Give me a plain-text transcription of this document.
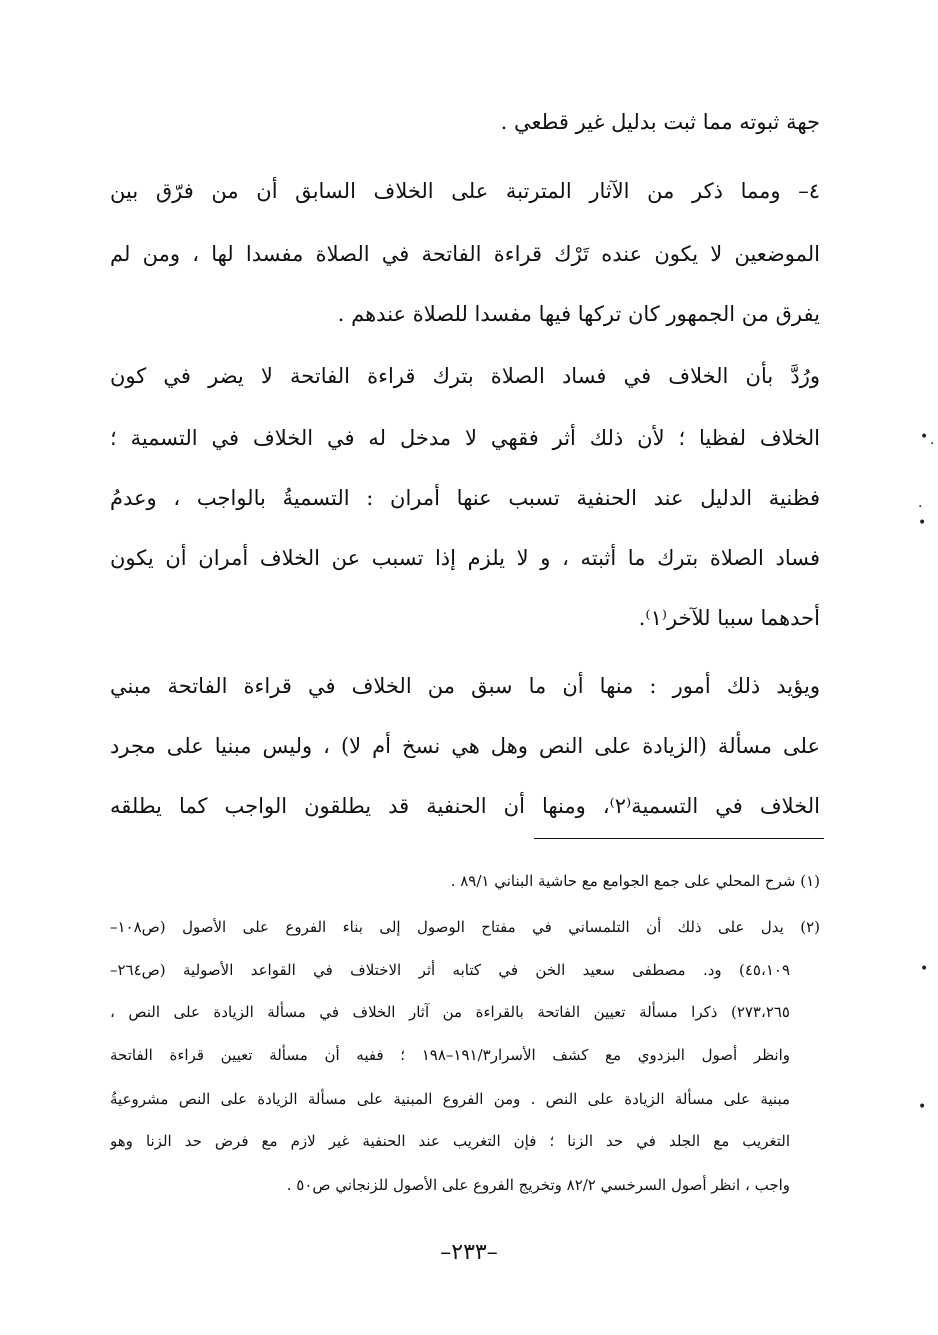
جهة ثبوته مما ثبت بدليل غير قطعي .
٤– ومما ذكر من الآثار المترتبة على الخلاف السابق أن من فرّق بين
الموضعين لا يكون عنده تَرْك قراءة الفاتحة في الصلاة مفسدا لها ، ومن لم
يفرق من الجمهور كان تركها فيها مفسدا للصلاة عندهم .
ورُدَّ بأن الخلاف في فساد الصلاة بترك قراءة الفاتحة لا يضر في كون
الخلاف لفظيا ؛ لأن ذلك أثر فقهي لا مدخل له في الخلاف في التسمية ؛
فظنية الدليل عند الحنفية تسبب عنها أمران : التسميةُ بالواجب ، وعدمُ
فساد الصلاة بترك ما أثبته ، و لا يلزم إذا تسبب عن الخلاف أمران أن يكون
أحدهما سببا للآخر⁽١⁾.
ويؤيد ذلك أمور : منها أن ما سبق من الخلاف في قراءة الفاتحة مبني
على مسألة (الزيادة على النص وهل هي نسخ أم لا) ، وليس مبنيا على مجرد
الخلاف في التسمية⁽٢⁾، ومنها أن الحنفية قد يطلقون الواجب كما يطلقه
(١) شرح المحلي على جمع الجوامع مع حاشية البناني ٨٩/١ .
(٢) يدل على ذلك أن التلمساني في مفتاح الوصول إلى بناء الفروع على الأصول (ص١٠٨–
٤٥،١٠٩) ود. مصطفى سعيد الخن في كتابه أثر الاختلاف في القواعد الأصولية (ص٢٦٤–
٢٧٣،٢٦٥) ذكرا مسألة تعيين الفاتحة بالقراءة من آثار الخلاف في مسألة الزيادة على النص ،
وانظر أصول البزدوي مع كشف الأسرار١٩١/٣–١٩٨ ؛ ففيه أن مسألة تعيين قراءة الفاتحة
مبنية على مسألة الزيادة على النص . ومن الفروع المبنية على مسألة الزيادة على النص مشروعيةُ
التغريب مع الجلد في حد الزنا ؛ فإن التغريب عند الحنفية غير لازم مع فرض حد الزنا وهو
واجب ، انظر أصول السرخسي ٨٢/٢ وتخريج الفروع على الأصول للزنجاني ص٥٠ .
–٢٣٣–
• ·
·
•
•
•
